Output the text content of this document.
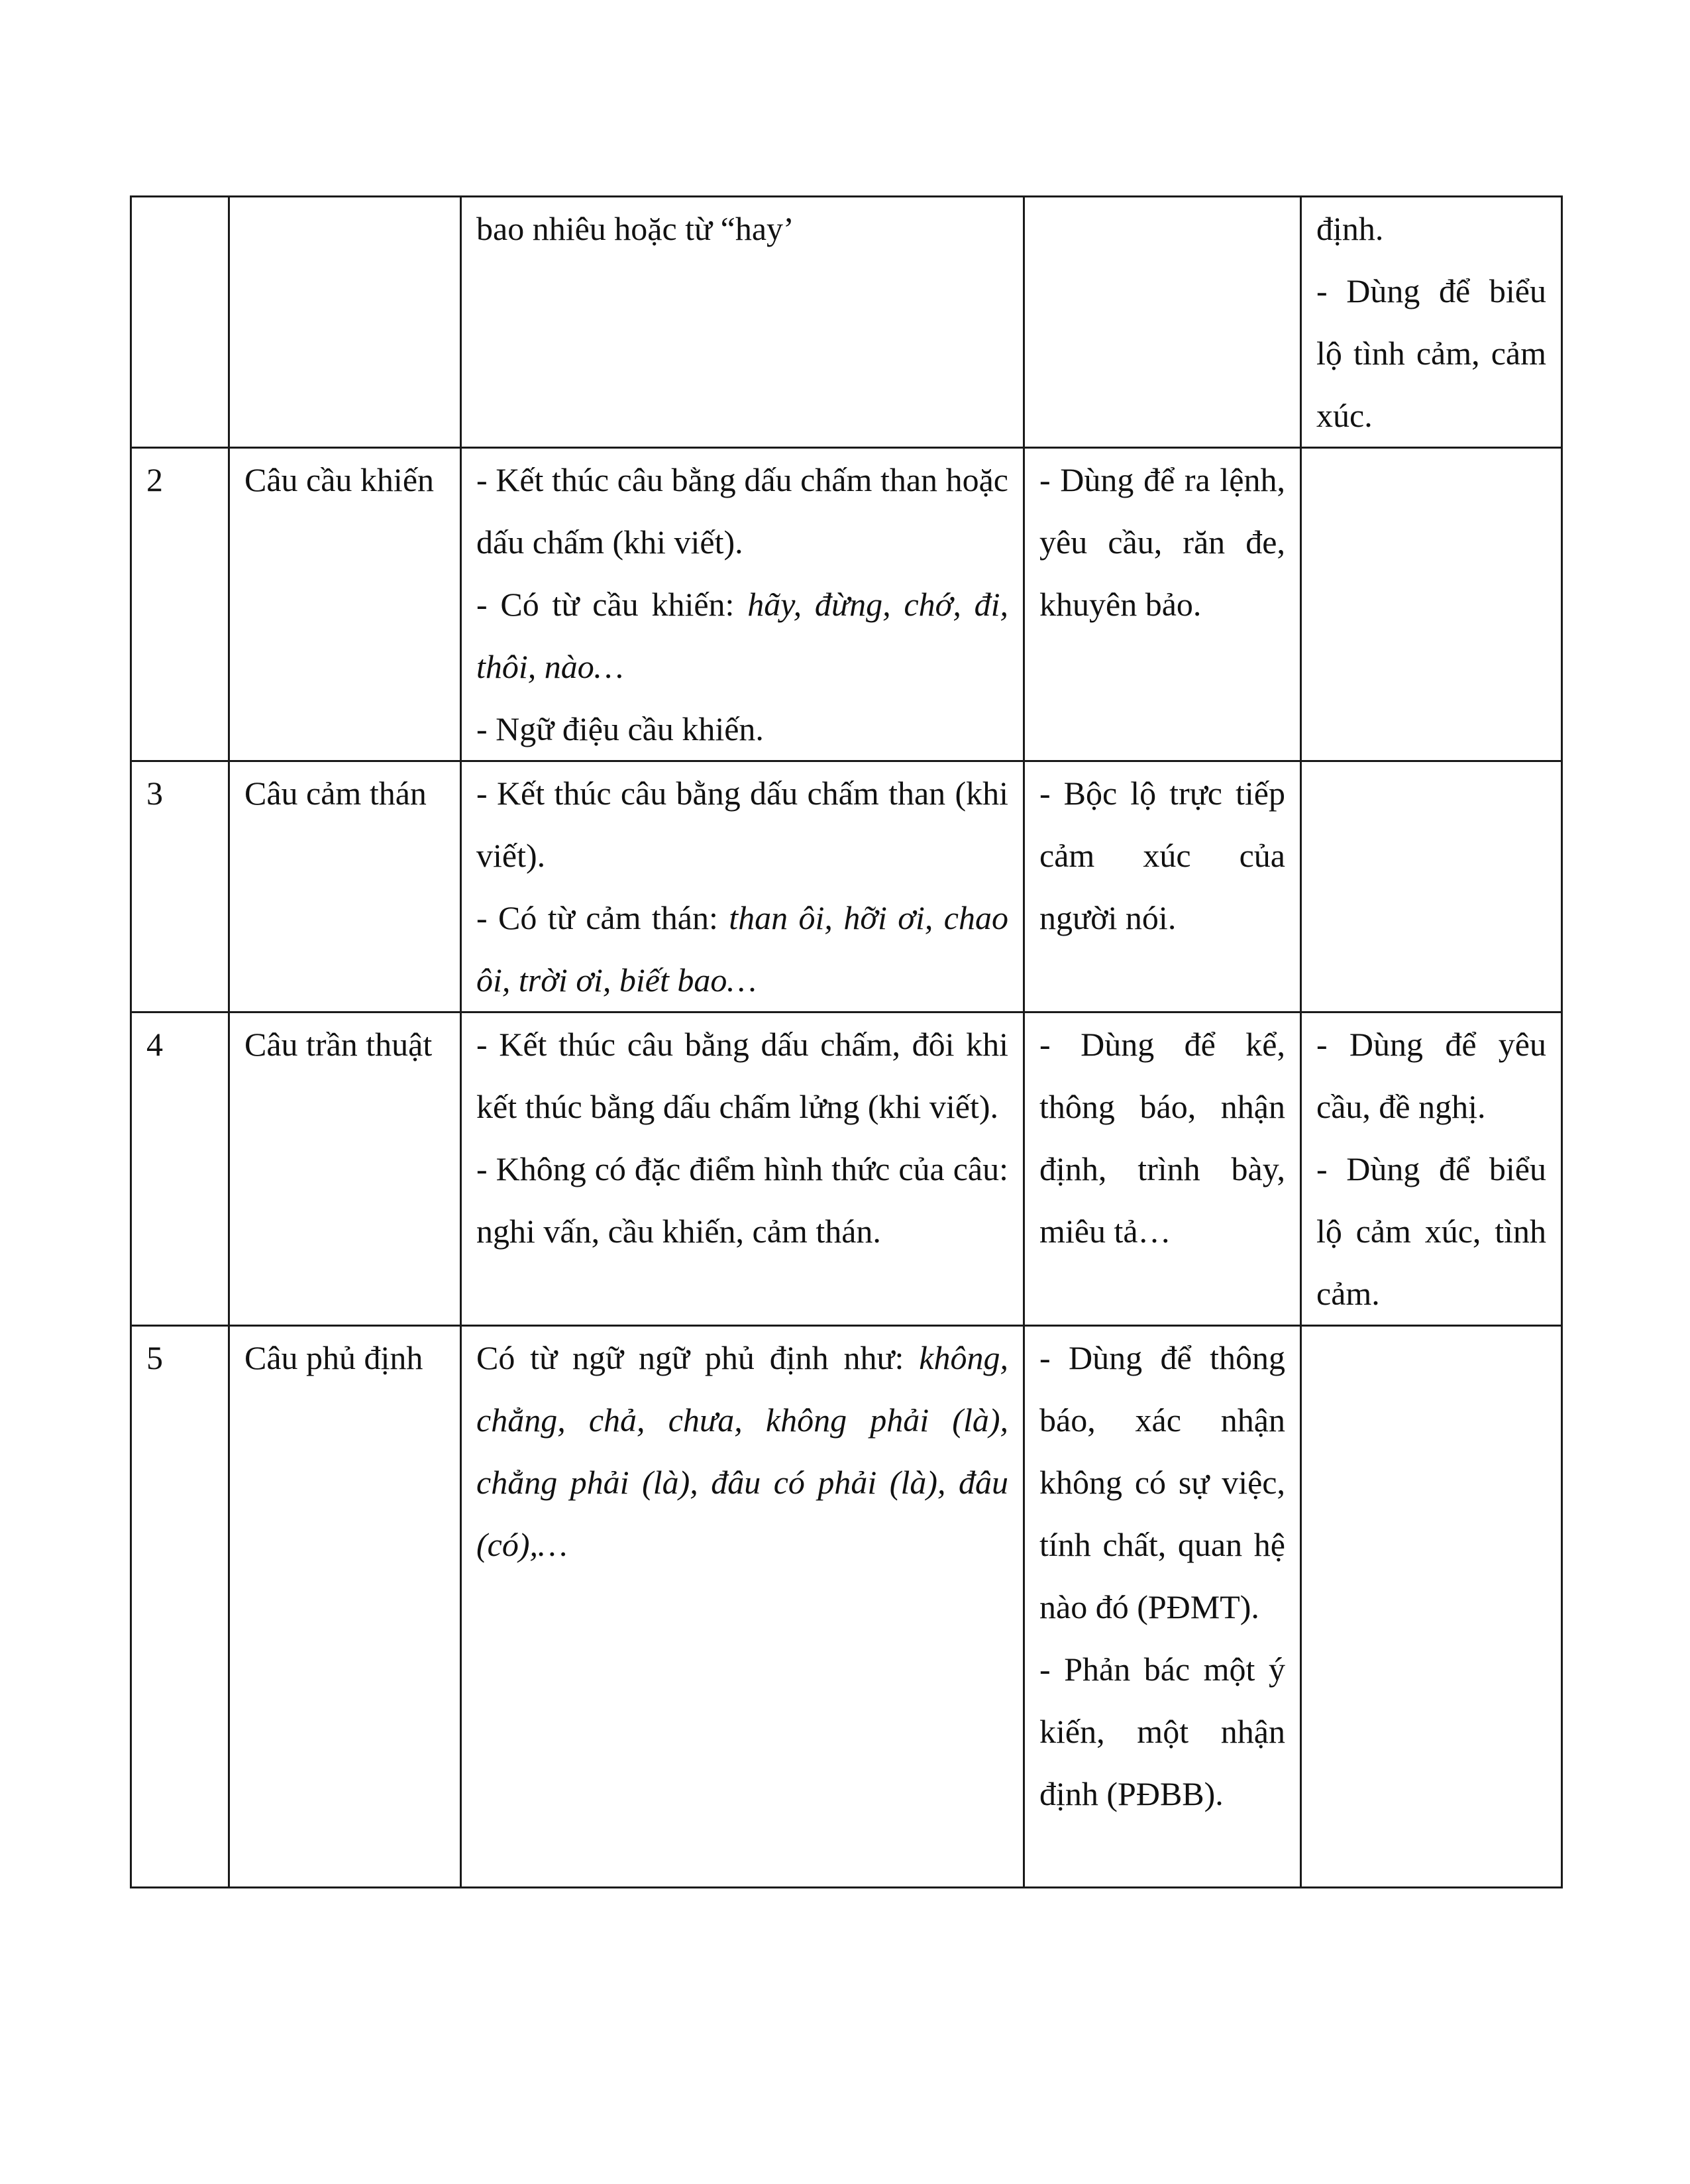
		bao nhiêu hoặc từ “hay’		định.
- Dùng để biểu lộ tình cảm, cảm xúc.

2	Câu cầu khiến	- Kết thúc câu bằng dấu chấm than hoặc dấu chấm (khi viết).
- Có từ cầu khiến: hãy, đừng, chớ, đi, thôi, nào…
- Ngữ điệu cầu khiến.	- Dùng để ra lệnh, yêu cầu, răn đe, khuyên bảo.	

3	Câu cảm thán	- Kết thúc câu bằng dấu chấm than (khi viết).
- Có từ cảm thán: than ôi, hỡi ơi, chao ôi, trời ơi, biết bao…	- Bộc lộ trực tiếp cảm xúc của người nói.	

4	Câu trần thuật	- Kết thúc câu bằng dấu chấm, đôi khi kết thúc bằng dấu chấm lửng (khi viết).
- Không có đặc điểm hình thức của câu: nghi vấn, cầu khiến, cảm thán.	- Dùng để kể, thông báo, nhận định, trình bày, miêu tả…	- Dùng để yêu cầu, đề nghị.
- Dùng để biểu lộ cảm xúc, tình cảm.

5	Câu phủ định	Có từ ngữ ngữ phủ định như: không, chẳng, chả, chưa, không phải (là), chẳng phải (là), đâu có phải (là), đâu (có),…	- Dùng để thông báo, xác nhận không có sự việc, tính chất, quan hệ nào đó (PĐMT).
- Phản bác một ý kiến, một nhận định (PĐBB).	
